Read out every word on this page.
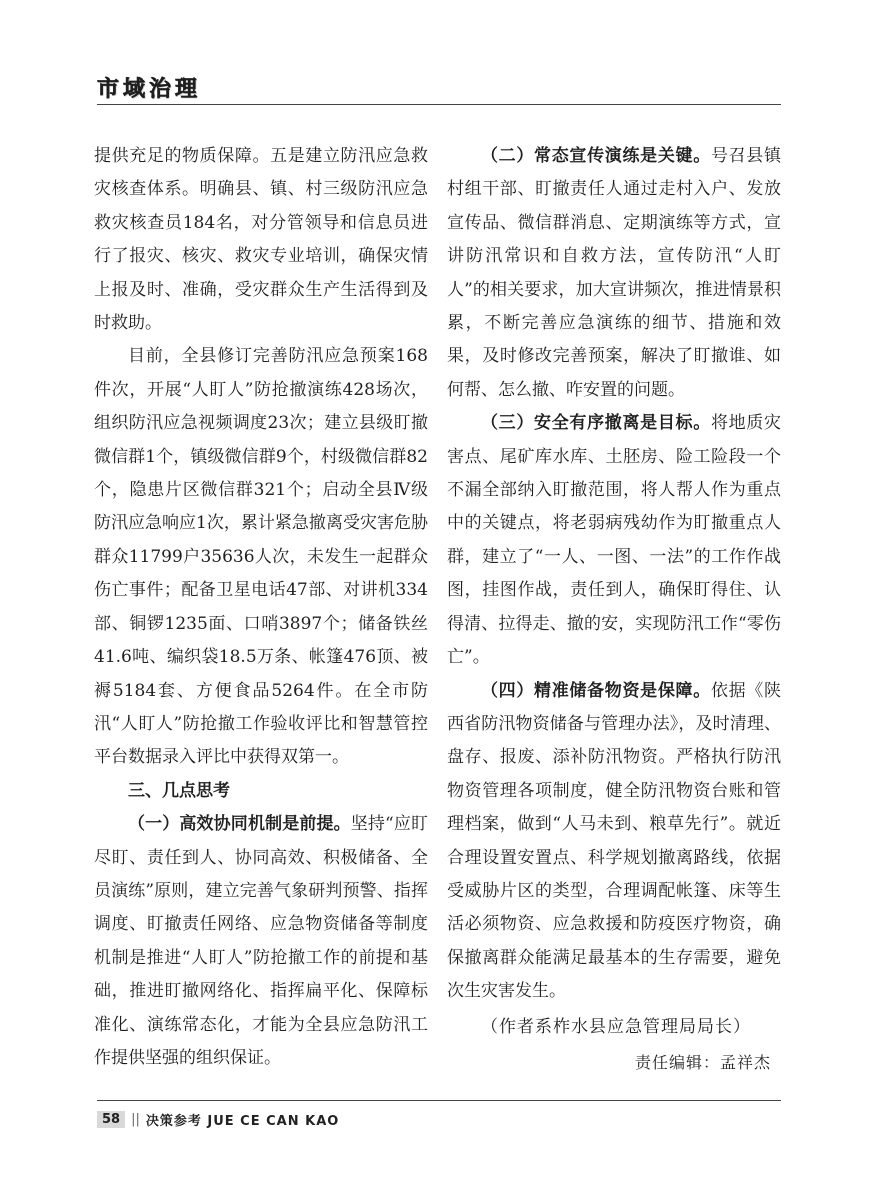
市域治理

提供充足的物质保障。五是建立防汛应急救灾核查体系。明确县、镇、村三级防汛应急救灾核查员184名，对分管领导和信息员进行了报灾、核灾、救灾专业培训，确保灾情上报及时、准确，受灾群众生产生活得到及时救助。

目前，全县修订完善防汛应急预案168件次，开展“人盯人”防抢撤演练428场次，组织防汛应急视频调度23次；建立县级盯撤微信群1个，镇级微信群9个，村级微信群82个，隐患片区微信群321个；启动全县Ⅳ级防汛应急响应1次，累计紧急撤离受灾害危胁群众11799户35636人次，未发生一起群众伤亡事件；配备卫星电话47部、对讲机334部、铜锣1235面、口哨3897个；储备铁丝41.6吨、编织袋18.5万条、帐篷476顶、被褥5184套、方便食品5264件。在全市防汛“人盯人”防抢撤工作验收评比和智慧管控平台数据录入评比中获得双第一。

三、几点思考

（一）高效协同机制是前提。坚持“应盯尽盯、责任到人、协同高效、积极储备、全员演练”原则，建立完善气象研判预警、指挥调度、盯撤责任网络、应急物资储备等制度机制是推进“人盯人”防抢撤工作的前提和基础，推进盯撤网络化、指挥扁平化、保障标准化、演练常态化，才能为全县应急防汛工作提供坚强的组织保证。

（二）常态宣传演练是关键。号召县镇村组干部、盯撤责任人通过走村入户、发放宣传品、微信群消息、定期演练等方式，宣讲防汛常识和自救方法，宣传防汛“人盯人”的相关要求，加大宣讲频次，推进情景积累，不断完善应急演练的细节、措施和效果，及时修改完善预案，解决了盯撤谁、如何帮、怎么撤、咋安置的问题。

（三）安全有序撤离是目标。将地质灾害点、尾矿库水库、土胚房、险工险段一个不漏全部纳入盯撤范围，将人帮人作为重点中的关键点，将老弱病残幼作为盯撤重点人群，建立了“一人、一图、一法”的工作作战图，挂图作战，责任到人，确保盯得住、认得清、拉得走、撤的安，实现防汛工作“零伤亡”。

（四）精准储备物资是保障。依据《陕西省防汛物资储备与管理办法》，及时清理、盘存、报废、添补防汛物资。严格执行防汛物资管理各项制度，健全防汛物资台账和管理档案，做到“人马未到、粮草先行”。就近合理设置安置点、科学规划撤离路线，依据受威胁片区的类型，合理调配帐篷、床等生活必须物资、应急救援和防疫医疗物资，确保撤离群众能满足最基本的生存需要，避免次生灾害发生。

（作者系柞水县应急管理局局长）

责任编辑：孟祥杰

58 || 决策参考 JUE CE CAN KAO
